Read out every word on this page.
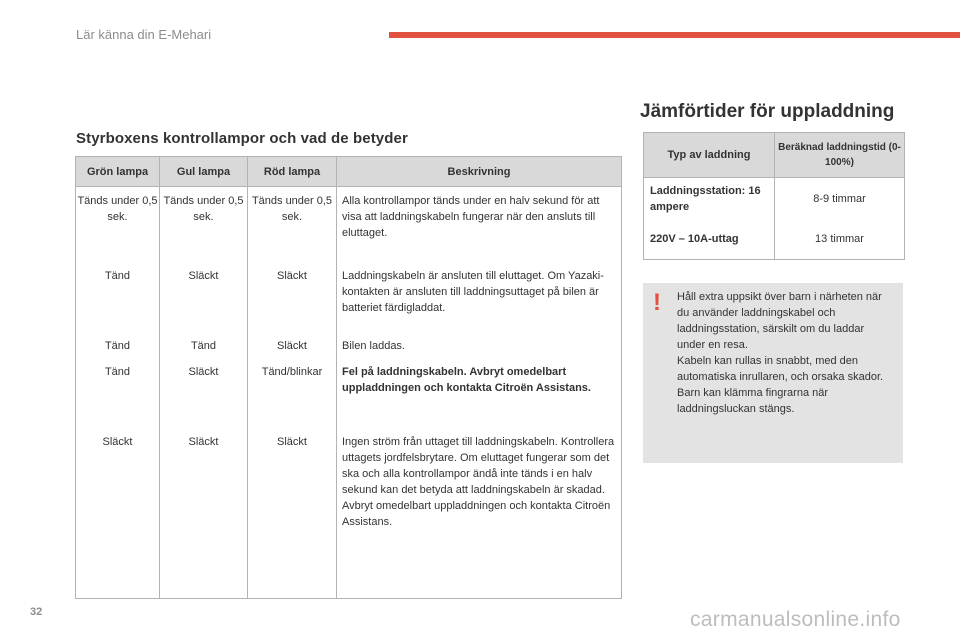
Lär känna din E-Mehari
Styrboxens kontrollampor och vad de betyder
Grön lampa	Gul lampa	Röd lampa	Beskrivning
Tänds under 0,5 sek.	Tänds under 0,5 sek.	Tänds under 0,5 sek.	Alla kontrollampor tänds under en halv sekund för att visa att laddningskabeln fungerar när den ansluts till eluttaget.
Tänd	Släckt	Släckt	Laddningskabeln är ansluten till eluttaget. Om Yazaki-kontakten är ansluten till laddningsuttaget på bilen är batteriet färdigladdat.
Tänd	Tänd	Släckt	Bilen laddas.
Tänd	Släckt	Tänd/blinkar	Fel på laddningskabeln. Avbryt omedelbart uppladdningen och kontakta Citroën Assistans.
Släckt	Släckt	Släckt	Ingen ström från uttaget till laddningskabeln. Kontrollera uttagets jordfelsbrytare. Om eluttaget fungerar som det ska och alla kontrollampor ändå inte tänds i en halv sekund kan det betyda att laddningskabeln är skadad. Avbryt omedelbart uppladdningen och kontakta Citroën Assistans.
Jämförtider för uppladdning
Typ av laddning	Beräknad laddningstid (0-100%)
Laddningsstation: 16 ampere	8-9 timmar
220V – 10A-uttag	13 timmar
! Håll extra uppsikt över barn i närheten när du använder laddningskabel och laddningsstation, särskilt om du laddar under en resa.

Kabeln kan rullas in snabbt, med den automatiska inrullaren, och orsaka skador.

Barn kan klämma fingrarna när laddningsluckan stängs.

32	carmanualsonline.info
